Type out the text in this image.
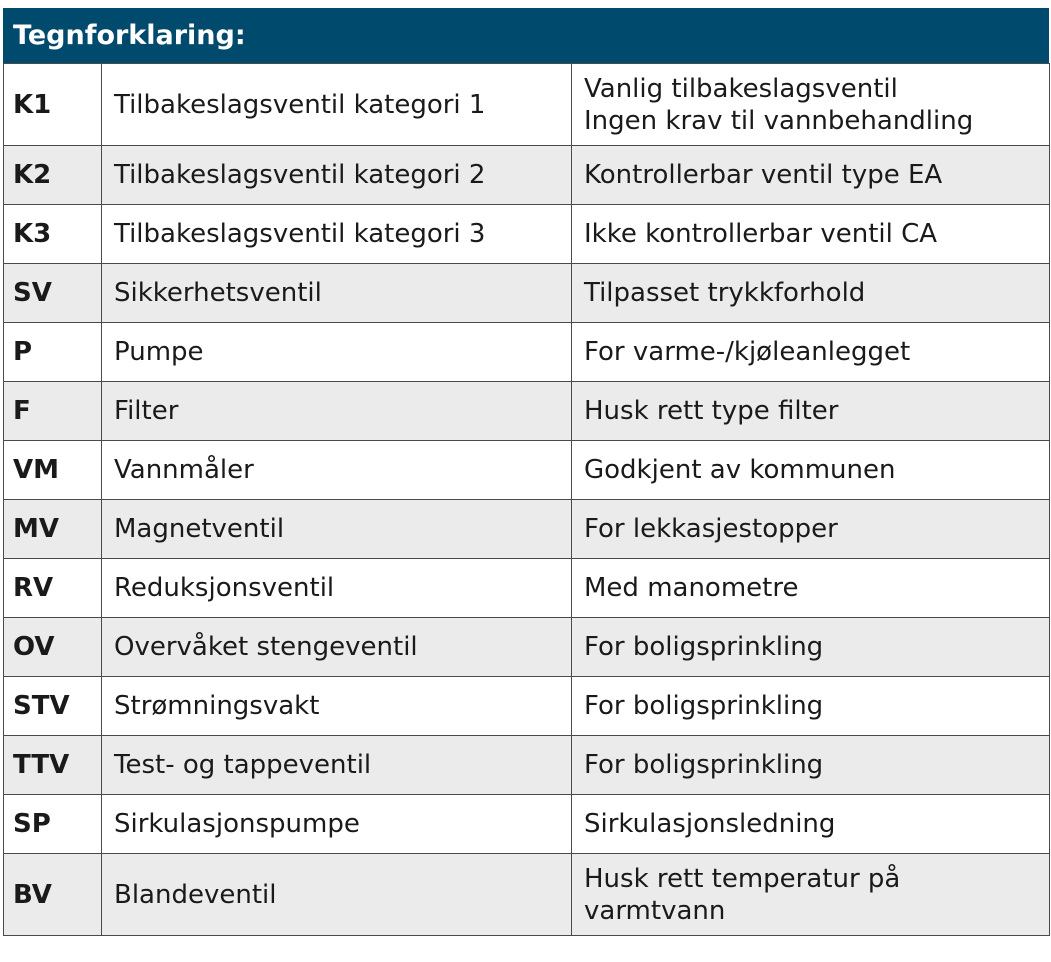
Tegnforklaring:
K1	Tilbakeslagsventil kategori 1	Vanlig tilbakeslagsventil
Ingen krav til vannbehandling

K2	Tilbakeslagsventil kategori 2	Kontrollerbar ventil type EA

K3	Tilbakeslagsventil kategori 3	Ikke kontrollerbar ventil CA

SV	Sikkerhetsventil	Tilpasset trykkforhold

P	Pumpe	For varme-/kjøleanlegget

F	Filter	Husk rett type filter

VM	Vannmåler	Godkjent av kommunen

MV	Magnetventil	For lekkasjestopper

RV	Reduksjonsventil	Med manometre

OV	Overvåket stengeventil	For boligsprinkling

STV	Strømningsvakt	For boligsprinkling

TTV	Test- og tappeventil	For boligsprinkling

SP	Sirkulasjonspumpe	Sirkulasjonsledning

BV	Blandeventil	Husk rett temperatur på
varmtvann
